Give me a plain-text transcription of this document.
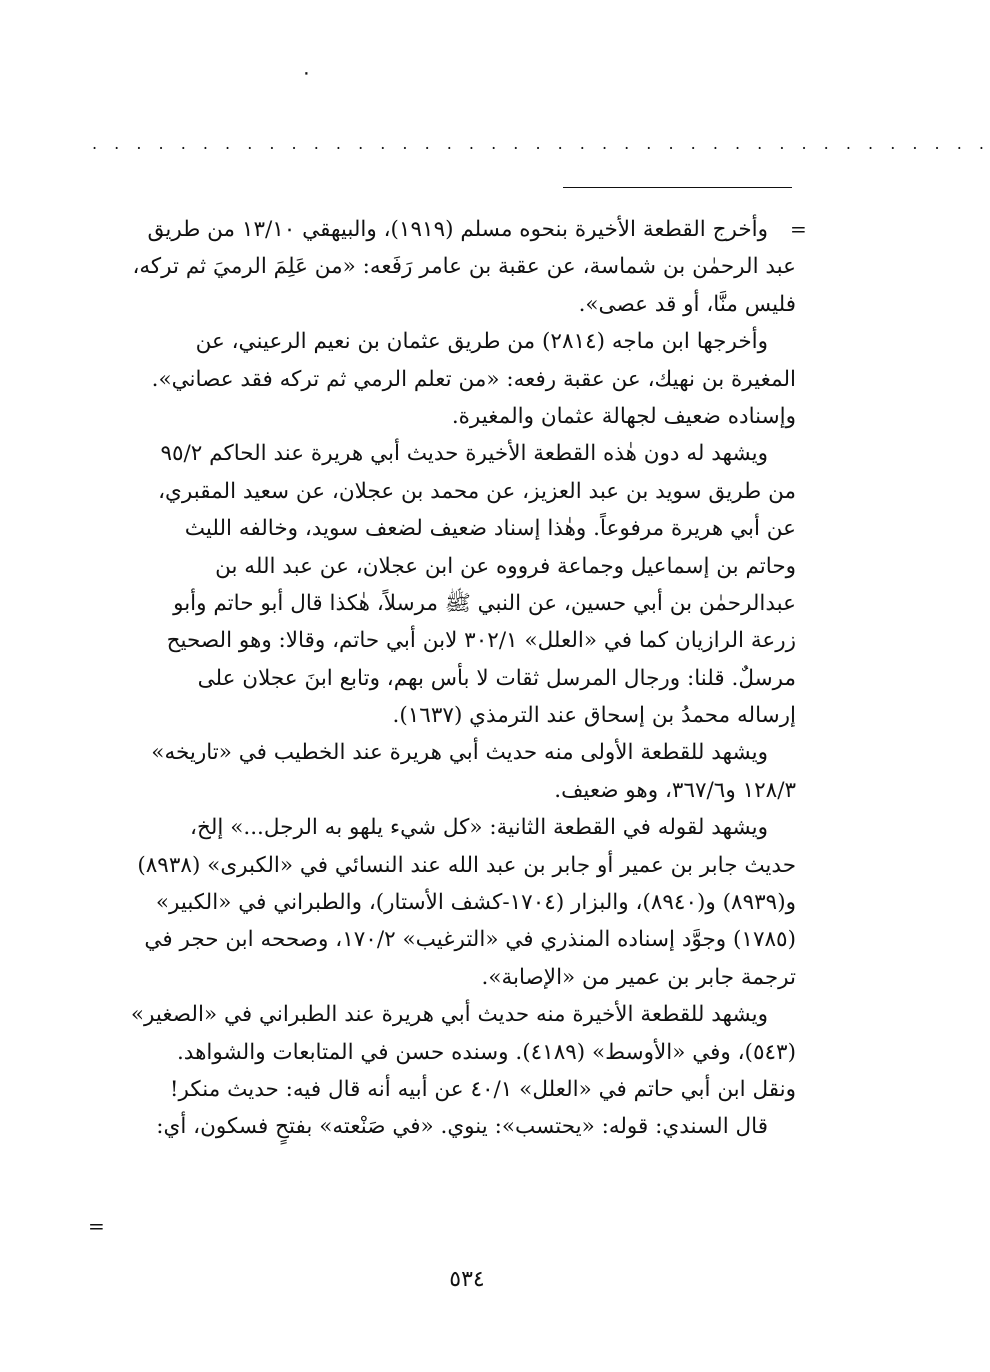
٠
. . . . . . . . . . . . . . . . . . . . . . . . . . . . . . . . . . . . . . . . .
=
=
وأخرج القطعة الأخيرة بنحوه مسلم (١٩١٩)، والبيهقي ١٣/١٠ من طريق
عبد الرحمٰن بن شماسة، عن عقبة بن عامر رَفَعه: «من عَلِمَ الرميَ ثم تركه،
فليس منَّا، أو قد عصى».
وأخرجها ابن ماجه (٢٨١٤) من طريق عثمان بن نعيم الرعيني، عن
المغيرة بن نهيك، عن عقبة رفعه: «من تعلم الرمي ثم تركه فقد عصاني».
وإسناده ضعيف لجهالة عثمان والمغيرة.
ويشهد له دون هٰذه القطعة الأخيرة حديث أبي هريرة عند الحاكم ٩٥/٢
من طريق سويد بن عبد العزيز، عن محمد بن عجلان، عن سعيد المقبري،
عن أبي هريرة مرفوعاً. وهٰذا إسناد ضعيف لضعف سويد، وخالفه الليث
وحاتم بن إسماعيل وجماعة فرووه عن ابن عجلان، عن عبد الله بن
عبدالرحمٰن بن أبي حسين، عن النبي ﷺ مرسلاً، هٰكذا قال أبو حاتم وأبو
زرعة الرازيان كما في «العلل» ٣٠٢/١ لابن أبي حاتم، وقالا: وهو الصحيح
مرسلٌ. قلنا: ورجال المرسل ثقات لا بأس بهم، وتابع ابنَ عجلان على
إرساله محمدُ بن إسحاق عند الترمذي (١٦٣٧).
ويشهد للقطعة الأولى منه حديث أبي هريرة عند الخطيب في «تاريخه»
١٢٨/٣ و٣٦٧/٦، وهو ضعيف.
ويشهد لقوله في القطعة الثانية: «كل شيء يلهو به الرجل...» إلخ،
حديث جابر بن عمير أو جابر بن عبد الله عند النسائي في «الكبرى» (٨٩٣٨)
و(٨٩٣٩) و(٨٩٤٠)، والبزار (١٧٠٤-كشف الأستار)، والطبراني في «الكبير»
(١٧٨٥) وجوَّد إسناده المنذري في «الترغيب» ١٧٠/٢، وصححه ابن حجر في
ترجمة جابر بن عمير من «الإصابة».
ويشهد للقطعة الأخيرة منه حديث أبي هريرة عند الطبراني في «الصغير»
(٥٤٣)، وفي «الأوسط» (٤١٨٩). وسنده حسن في المتابعات والشواهد.
ونقل ابن أبي حاتم في «العلل» ٤٠/١ عن أبيه أنه قال فيه: حديث منكر!
قال السندي: قوله: «يحتسب»: ينوي. «في صَنْعته» بفتحٍ فسكون، أي:
٥٣٤
